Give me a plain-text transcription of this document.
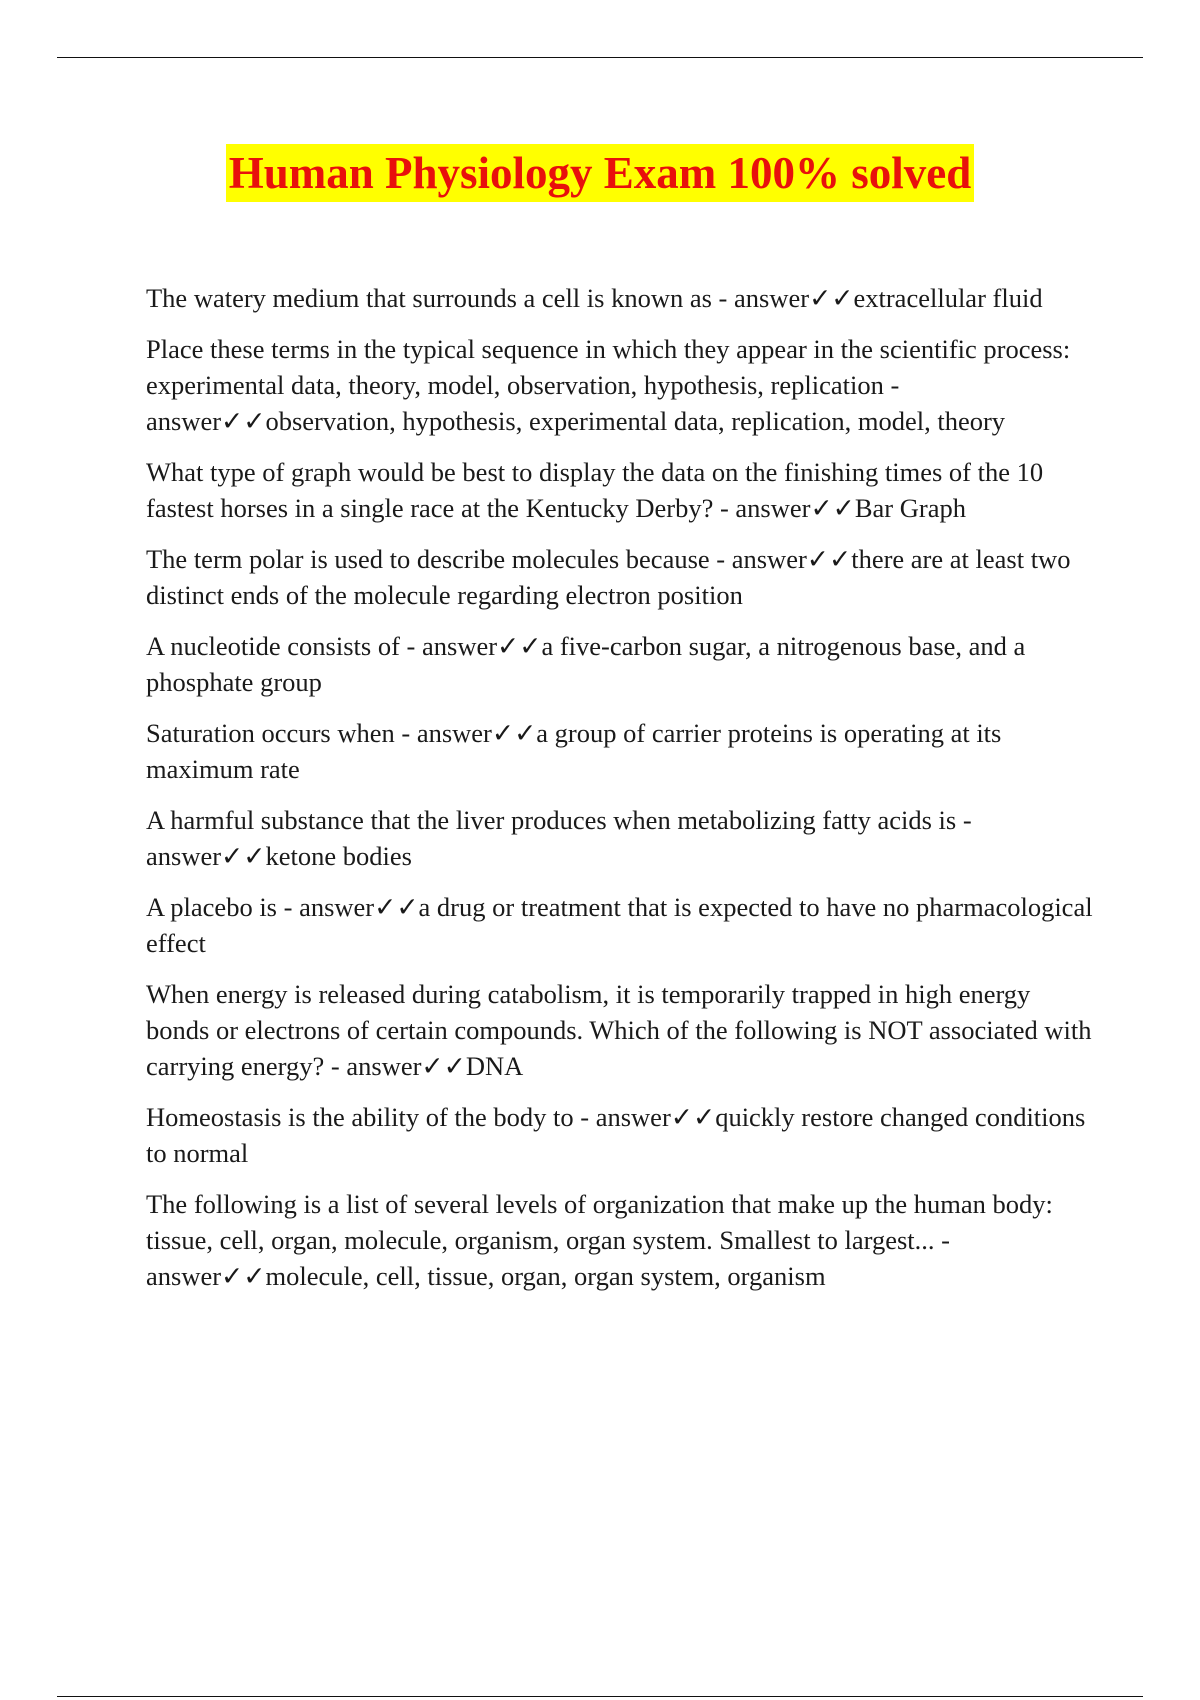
Human Physiology Exam 100% solved
The watery medium that surrounds a cell is known as - answer✓✓extracellular fluid
Place these terms in the typical sequence in which they appear in the scientific process: experimental data, theory, model, observation, hypothesis, replication - answer✓✓observation, hypothesis, experimental data, replication, model, theory
What type of graph would be best to display the data on the finishing times of the 10 fastest horses in a single race at the Kentucky Derby? - answer✓✓Bar Graph
The term polar is used to describe molecules because - answer✓✓there are at least two distinct ends of the molecule regarding electron position
A nucleotide consists of - answer✓✓a five-carbon sugar, a nitrogenous base, and a phosphate group
Saturation occurs when - answer✓✓a group of carrier proteins is operating at its maximum rate
A harmful substance that the liver produces when metabolizing fatty acids is - answer✓✓ketone bodies
A placebo is - answer✓✓a drug or treatment that is expected to have no pharmacological effect
When energy is released during catabolism, it is temporarily trapped in high energy bonds or electrons of certain compounds. Which of the following is NOT associated with carrying energy? - answer✓✓DNA
Homeostasis is the ability of the body to - answer✓✓quickly restore changed conditions to normal
The following is a list of several levels of organization that make up the human body: tissue, cell, organ, molecule, organism, organ system. Smallest to largest... - answer✓✓molecule, cell, tissue, organ, organ system, organism
